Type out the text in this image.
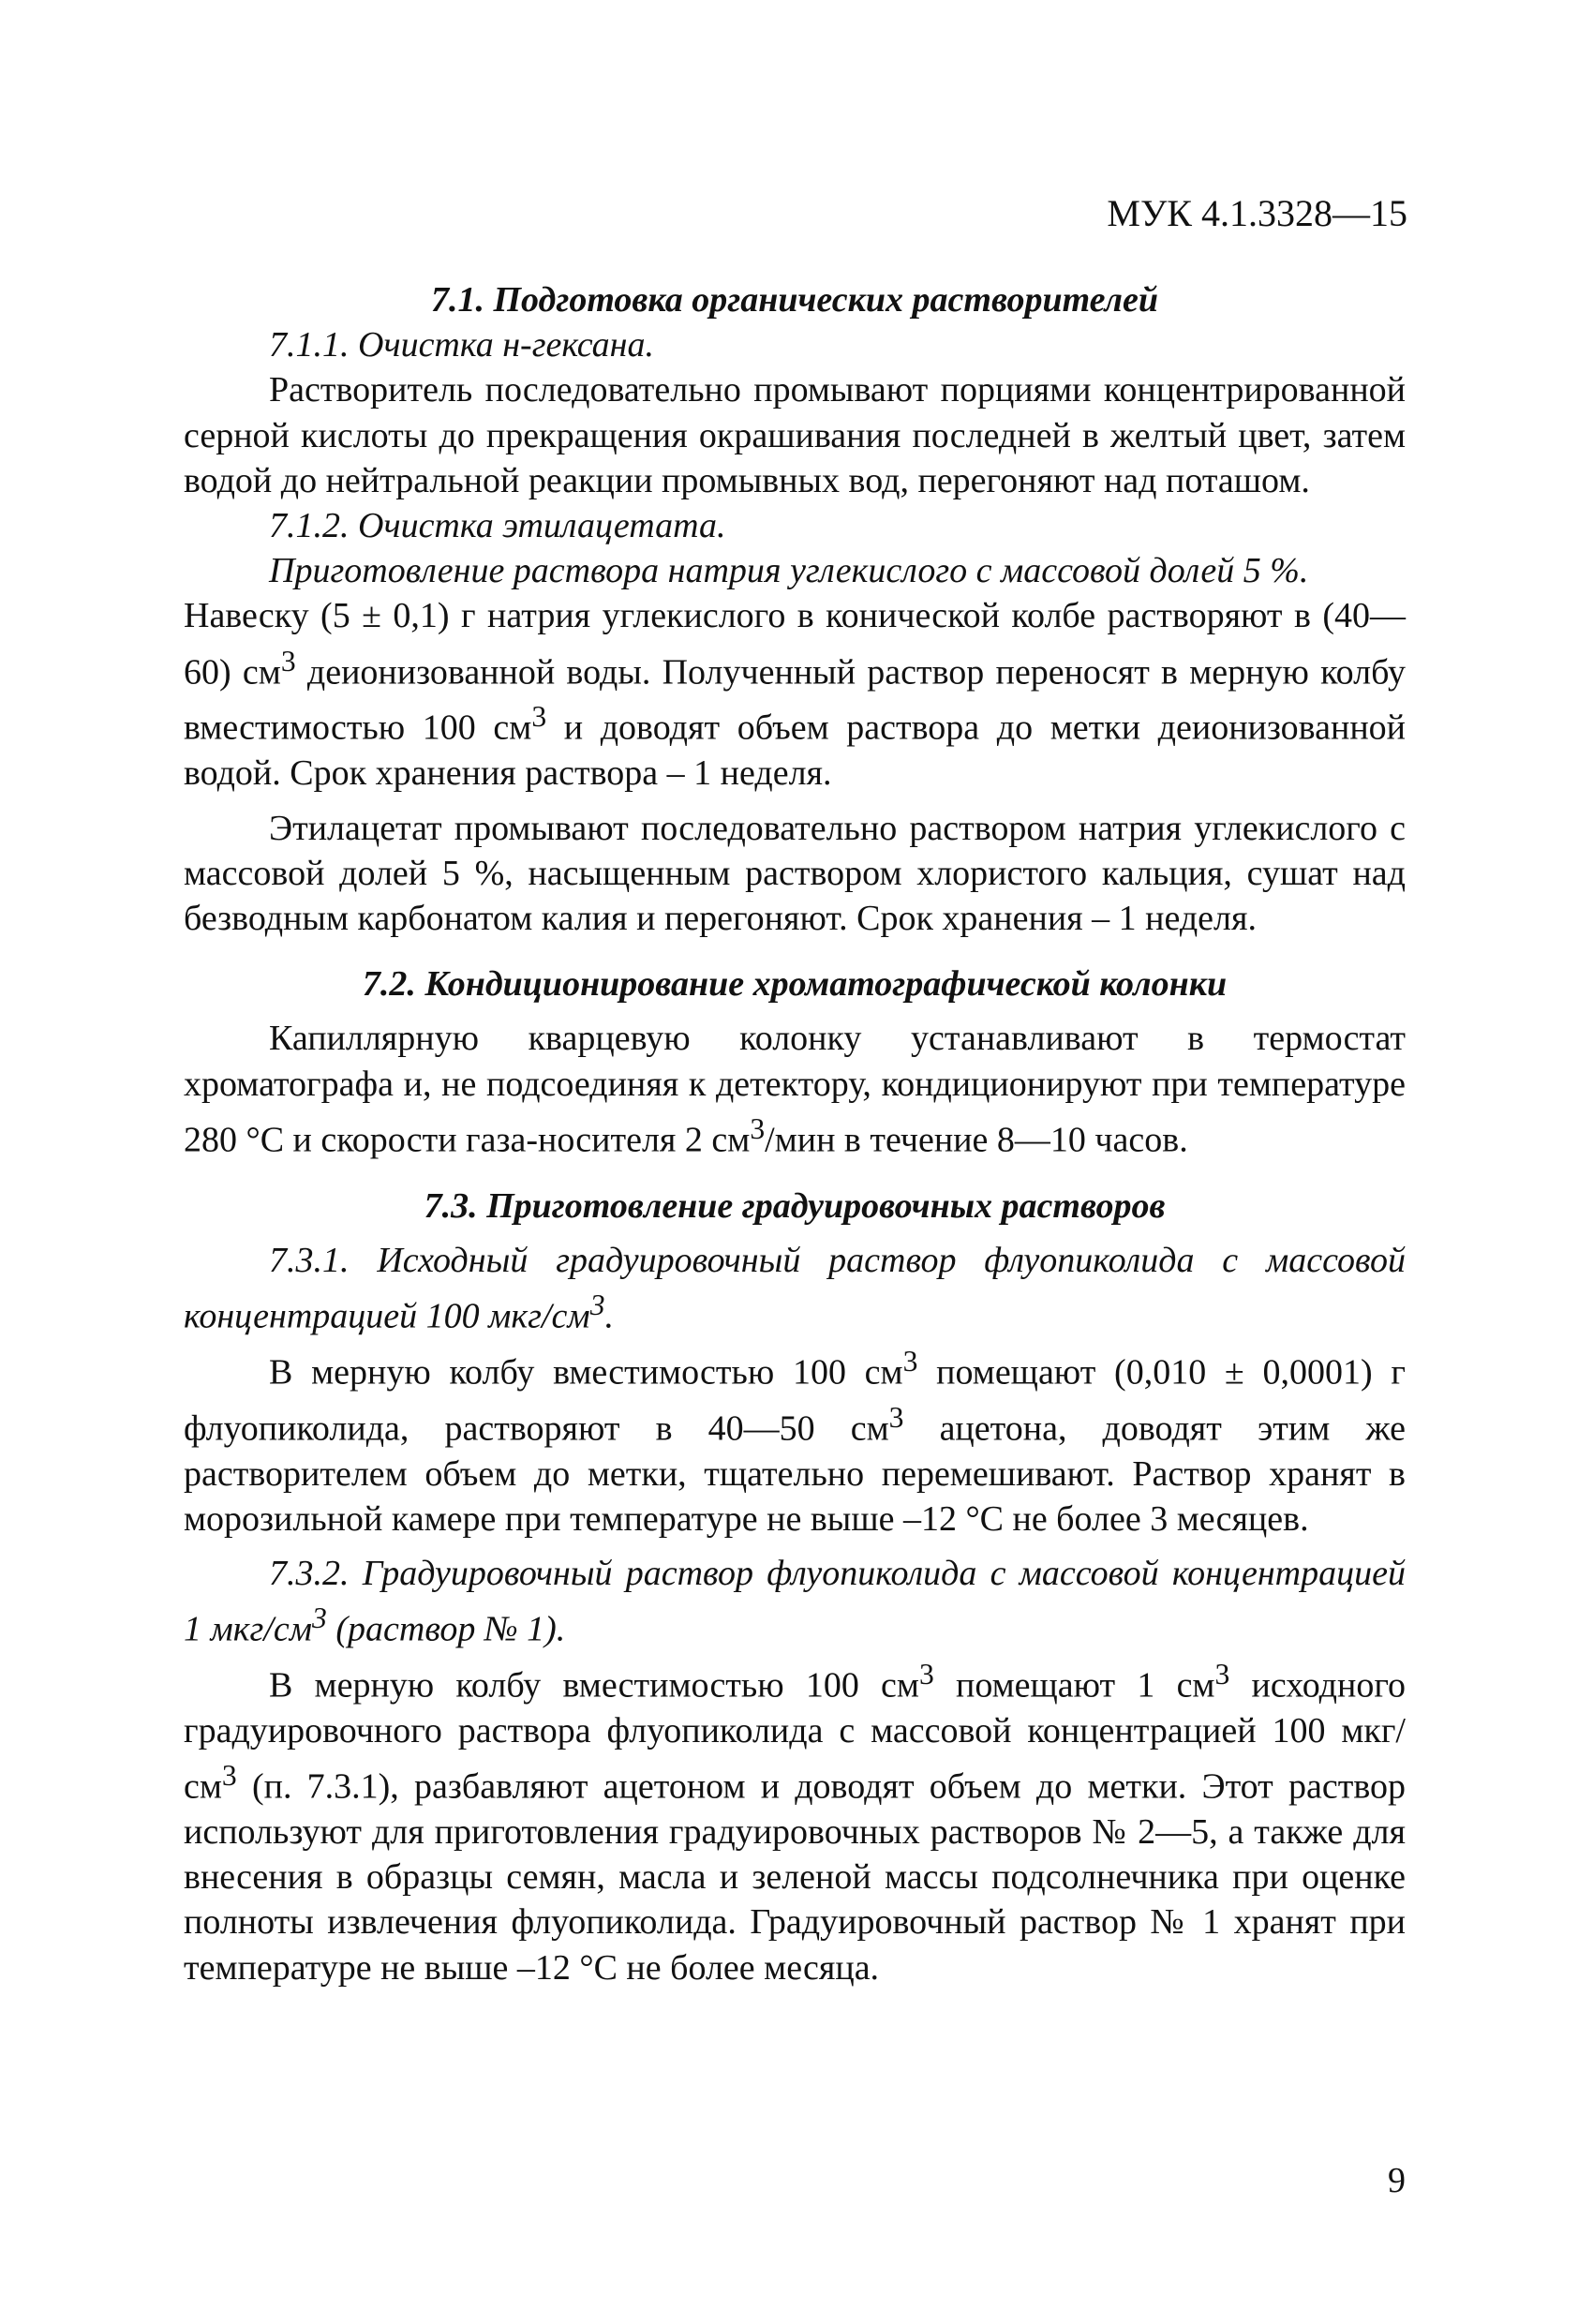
МУК 4.1.3328—15

7.1. Подготовка органических растворителей

7.1.1. Очистка н-гексана.

Растворитель последовательно промывают порциями концентрированной серной кислоты до прекращения окрашивания последней в желтый цвет, затем водой до нейтральной реакции промывных вод, перегоняют над поташом.

7.1.2. Очистка этилацетата.

Приготовление раствора натрия углекислого с массовой долей 5 %.

Навеску (5 ± 0,1) г натрия углекислого в конической колбе растворяют в (40—60) $см^3$ деионизованной воды. Полученный раствор переносят в мерную колбу вместимостью 100 $см^3$ и доводят объем раствора до метки деионизованной водой. Срок хранения раствора – 1 неделя.

Этилацетат промывают последовательно раствором натрия углекислого с массовой долей 5 %, насыщенным раствором хлористого кальция, сушат над безводным карбонатом калия и перегоняют. Срок хранения – 1 неделя.

7.2. Кондиционирование хроматографической колонки

Капиллярную кварцевую колонку устанавливают в термостат хроматографа и, не подсоединяя к детектору, кондиционируют при температуре 280 °С и скорости газа-носителя 2 $см^3$/мин в течение 8—10 часов.

7.3. Приготовление градуировочных растворов

7.3.1. Исходный градуировочный раствор флуопиколида с массовой концентрацией 100 мкг/$см^3$.

В мерную колбу вместимостью 100 $см^3$ помещают (0,010 ± 0,0001) г флуопиколида, растворяют в 40—50 $см^3$ ацетона, доводят этим же растворителем объем до метки, тщательно перемешивают. Раствор хранят в морозильной камере при температуре не выше –12 °С не более 3 месяцев.

7.3.2. Градуировочный раствор флуопиколида с массовой концентрацией 1 мкг/$см^3$ (раствор № 1).

В мерную колбу вместимостью 100 $см^3$ помещают 1 $см^3$ исходного градуировочного раствора флуопиколида с массовой концентрацией 100 мкг/$см^3$ (п. 7.3.1), разбавляют ацетоном и доводят объем до метки. Этот раствор используют для приготовления градуировочных растворов № 2—5, а также для внесения в образцы семян, масла и зеленой массы подсолнечника при оценке полноты извлечения флуопиколида. Градуировочный раствор № 1 хранят при температуре не выше –12 °С не более месяца.

9
